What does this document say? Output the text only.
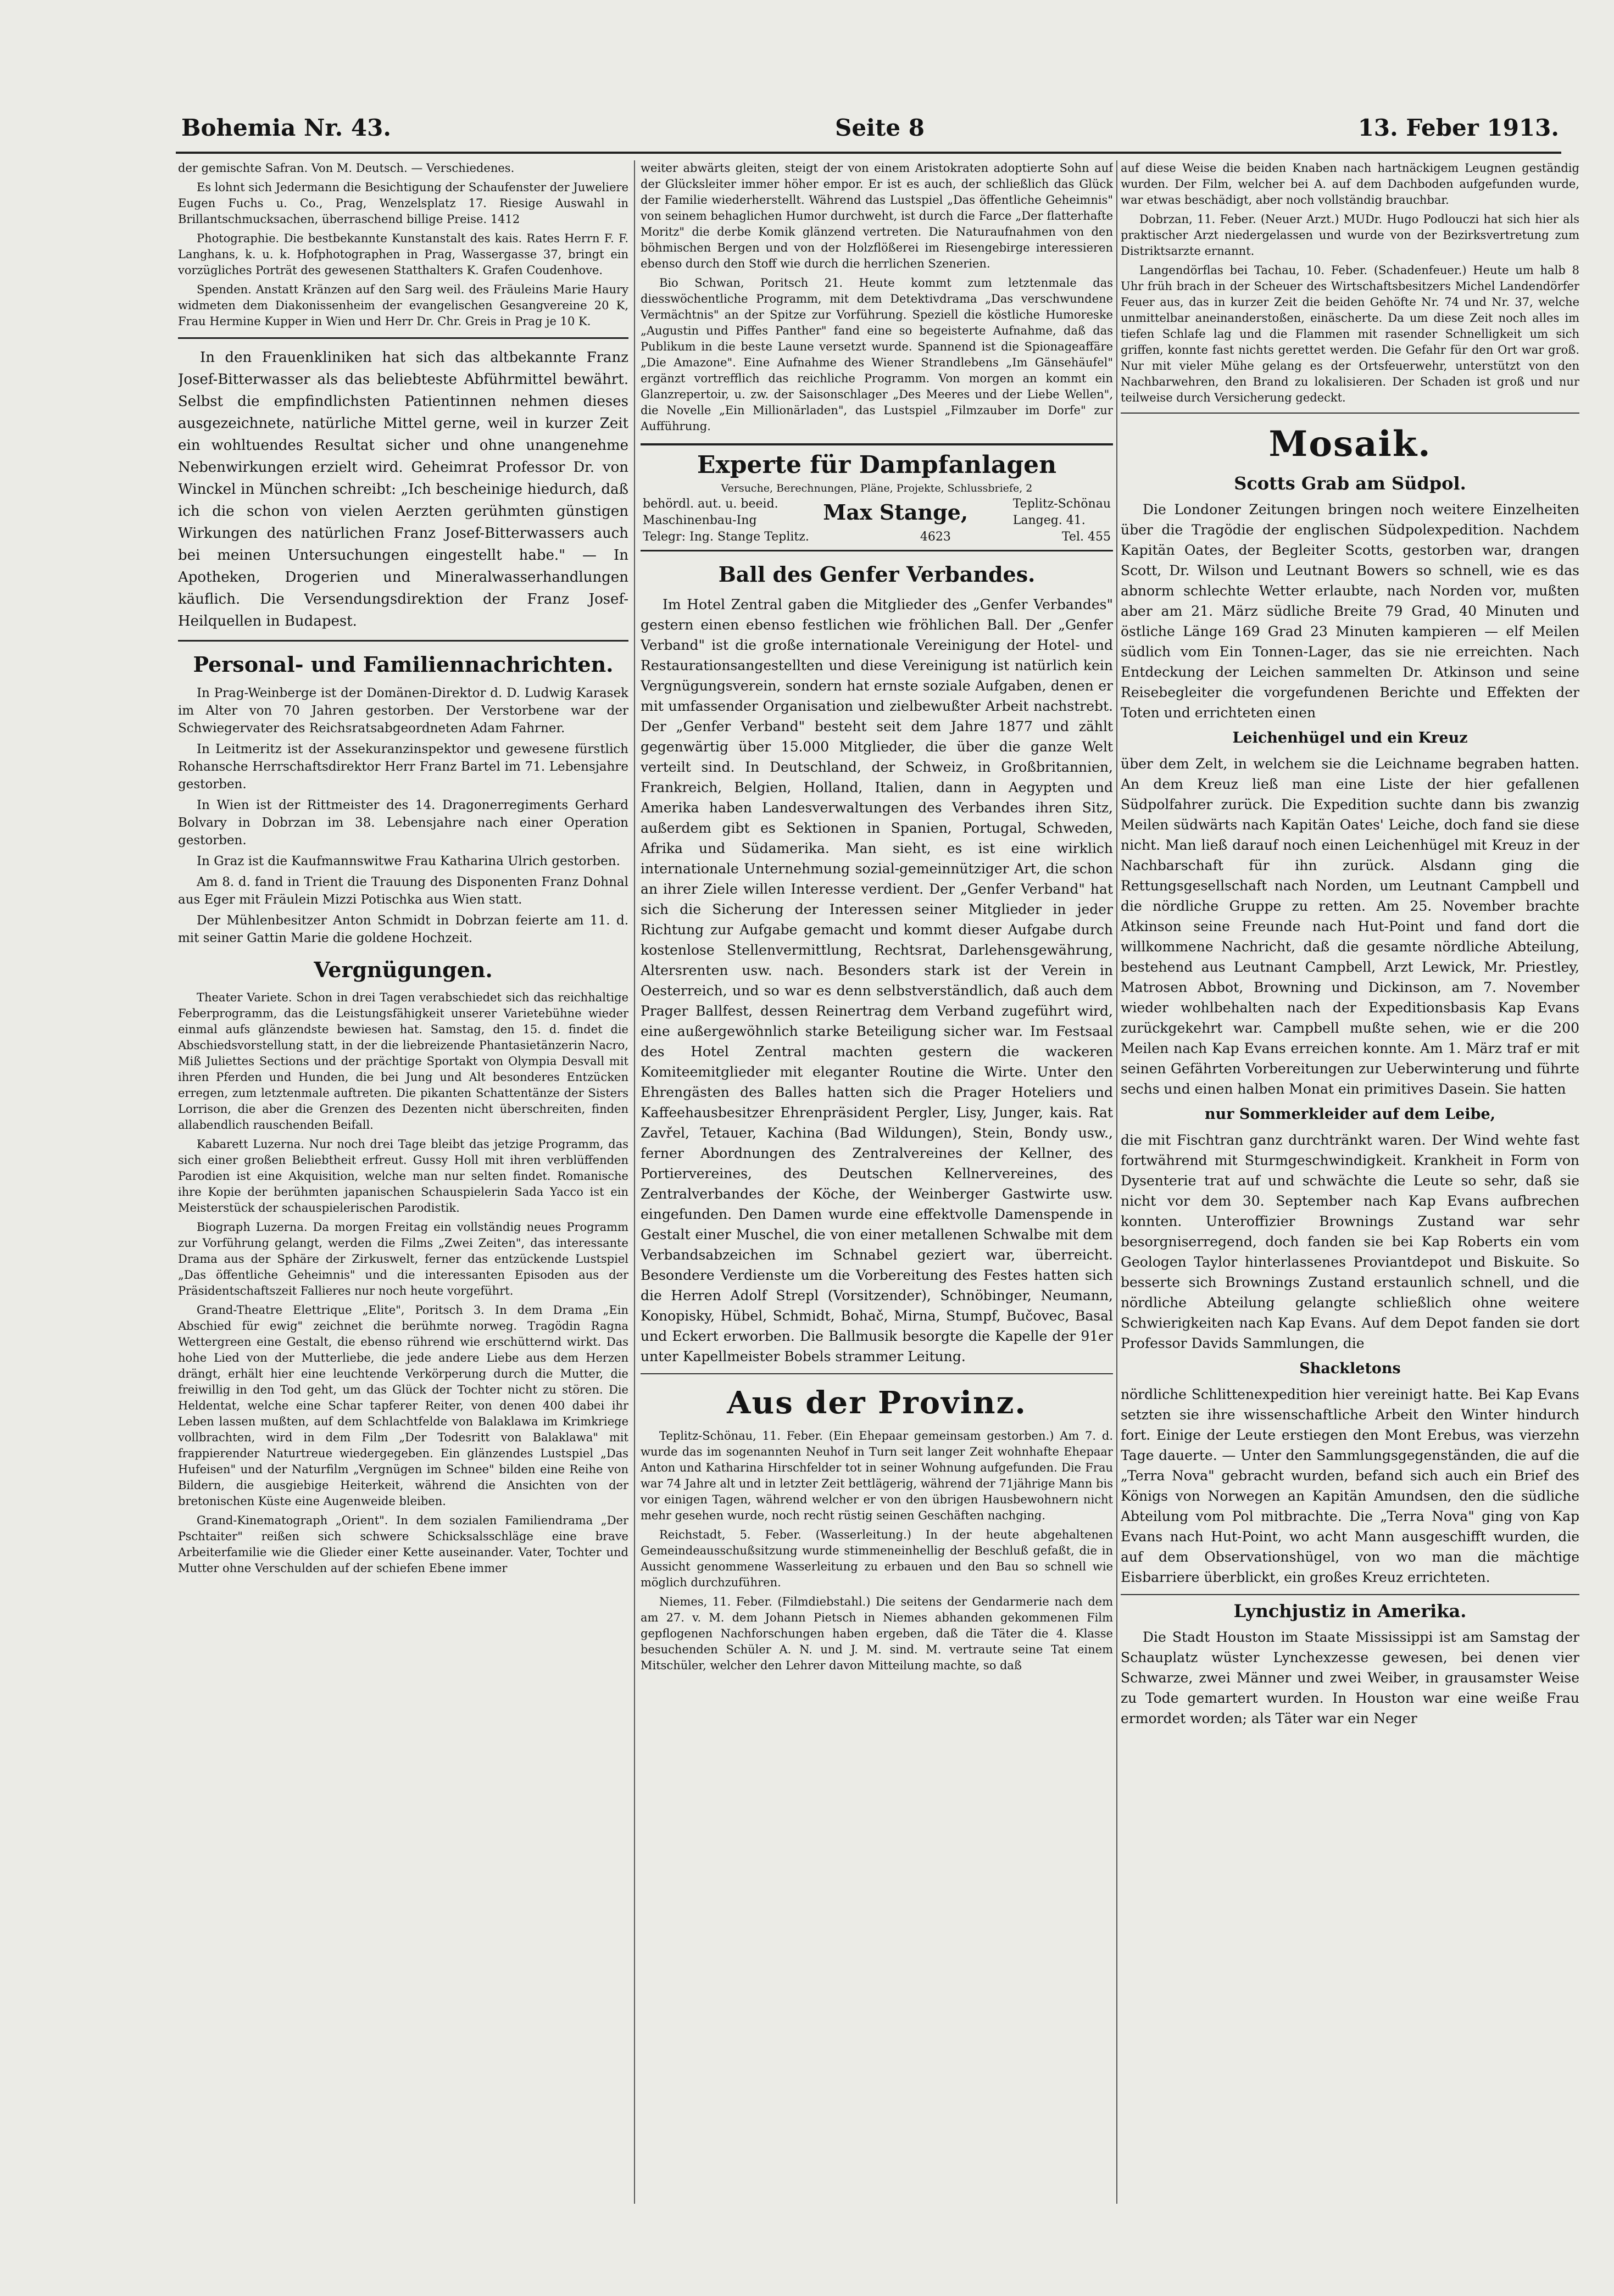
Bohemia Nr. 43.	Seite 8	13. Feber 1913.

der gemischte Safran. Von M. Deutsch. — Verschiedenes.

Es lohnt sich Jedermann die Besichtigung der Schaufenster der Juweliere Eugen Fuchs u. Co., Prag, Wenzelsplatz 17. Riesige Auswahl in Brillantschmucksachen, überraschend billige Preise. 1412

Photographie. Die bestbekannte Kunstanstalt des kais. Rates Herrn F. F. Langhans, k. u. k. Hofphotographen in Prag, Wassergasse 37, bringt ein vorzügliches Porträt des gewesenen Statthalters K. Grafen Coudenhove.

Spenden. Anstatt Kränzen auf den Sarg weil. des Fräuleins Marie Haury widmeten dem Diakonissenheim der evangelischen Gesangvereine 20 K, Frau Hermine Kupper in Wien und Herr Dr. Chr. Greis in Prag je 10 K.

In den Frauenkliniken hat sich das altbekannte Franz Josef-Bitterwasser als das beliebteste Abführmittel bewährt. Selbst die empfindlichsten Patientinnen nehmen dieses ausgezeichnete, natürliche Mittel gerne, weil in kurzer Zeit ein wohltuendes Resultat sicher und ohne unangenehme Nebenwirkungen erzielt wird. Geheimrat Professor Dr. von Winckel in München schreibt: „Ich bescheinige hiedurch, daß ich die schon von vielen Aerzten gerühmten günstigen Wirkungen des natürlichen Franz Josef-Bitterwassers auch bei meinen Untersuchungen eingestellt habe." — In Apotheken, Drogerien und Mineralwasserhandlungen käuflich. Die Versendungsdirektion der Franz Josef-Heilquellen in Budapest.

Personal- und Familiennachrichten.

In Prag-Weinberge ist der Domänen-Direktor d. D. Ludwig Karasek im Alter von 70 Jahren gestorben. Der Verstorbene war der Schwiegervater des Reichsratsabgeordneten Adam Fahrner.

In Leitmeritz ist der Assekuranzinspektor und gewesene fürstlich Rohansche Herrschaftsdirektor Herr Franz Bartel im 71. Lebensjahre gestorben.

In Wien ist der Rittmeister des 14. Dragonerregiments Gerhard Bolvary in Dobrzan im 38. Lebensjahre nach einer Operation gestorben.

In Graz ist die Kaufmannswitwe Frau Katharina Ulrich gestorben.

Am 8. d. fand in Trient die Trauung des Disponenten Franz Dohnal aus Eger mit Fräulein Mizzi Potischka aus Wien statt.

Der Mühlenbesitzer Anton Schmidt in Dobrzan feierte am 11. d. mit seiner Gattin Marie die goldene Hochzeit.

Vergnügungen.

Theater Variete. Schon in drei Tagen verabschiedet sich das reichhaltige Feberprogramm, das die Leistungsfähigkeit unserer Varietebühne wieder einmal aufs glänzendste bewiesen hat. Samstag, den 15. d. findet die Abschiedsvorstellung statt, in der die liebreizende Phantasietänzerin Nacro, Miß Juliettes Sections und der prächtige Sportakt von Olympia Desvall mit ihren Pferden und Hunden, die bei Jung und Alt besonderes Entzücken erregen, zum letztenmale auftreten. Die pikanten Schattentänze der Sisters Lorrison, die aber die Grenzen des Dezenten nicht überschreiten, finden allabendlich rauschenden Beifall.

Kabarett Luzerna. Nur noch drei Tage bleibt das jetzige Programm, das sich einer großen Beliebtheit erfreut. Gussy Holl mit ihren verblüffenden Parodien ist eine Akquisition, welche man nur selten findet. Romanische ihre Kopie der berühmten japanischen Schauspielerin Sada Yacco ist ein Meisterstück der schauspielerischen Parodistik.

Biograph Luzerna. Da morgen Freitag ein vollständig neues Programm zur Vorführung gelangt, werden die Films „Zwei Zeiten", das interessante Drama aus der Sphäre der Zirkuswelt, ferner das entzückende Lustspiel „Das öffentliche Geheimnis" und die interessanten Episoden aus der Präsidentschaftszeit Fallieres nur noch heute vorgeführt.

Grand-Theatre Elettrique „Elite", Poritsch 3. In dem Drama „Ein Abschied für ewig" zeichnet die berühmte norweg. Tragödin Ragna Wettergreen eine Gestalt, die ebenso rührend wie erschütternd wirkt. Das hohe Lied von der Mutterliebe, die jede andere Liebe aus dem Herzen drängt, erhält hier eine leuchtende Verkörperung durch die Mutter, die freiwillig in den Tod geht, um das Glück der Tochter nicht zu stören. Die Heldentat, welche eine Schar tapferer Reiter, von denen 400 dabei ihr Leben lassen mußten, auf dem Schlachtfelde von Balaklawa im Krimkriege vollbrachten, wird in dem Film „Der Todesritt von Balaklawa" mit frappierender Naturtreue wiedergegeben. Ein glänzendes Lustspiel „Das Hufeisen" und der Naturfilm „Vergnügen im Schnee" bilden eine Reihe von Bildern, die ausgiebige Heiterkeit, während die Ansichten von der bretonischen Küste eine Augenweide bleiben.

Grand-Kinematograph „Orient". In dem sozialen Familiendrama „Der Pschtaiter" reißen sich schwere Schicksalsschläge eine brave Arbeiterfamilie wie die Glieder einer Kette auseinander. Vater, Tochter und Mutter ohne Verschulden auf der schiefen Ebene immer

weiter abwärts gleiten, steigt der von einem Aristokraten adoptierte Sohn auf der Glücksleiter immer höher empor. Er ist es auch, der schließlich das Glück der Familie wiederherstellt. Während das Lustspiel „Das öffentliche Geheimnis" von seinem behaglichen Humor durchweht, ist durch die Farce „Der flatterhafte Moritz" die derbe Komik glänzend vertreten. Die Naturaufnahmen von den böhmischen Bergen und von der Holzflößerei im Riesengebirge interessieren ebenso durch den Stoff wie durch die herrlichen Szenerien.

Bio Schwan, Poritsch 21. Heute kommt zum letztenmale das diesswöchentliche Programm, mit dem Detektivdrama „Das verschwundene Vermächtnis" an der Spitze zur Vorführung. Speziell die köstliche Humoreske „Augustin und Piffes Panther" fand eine so begeisterte Aufnahme, daß das Publikum in die beste Laune versetzt wurde. Spannend ist die Spionageaffäre „Die Amazone". Eine Aufnahme des Wiener Strandlebens „Im Gänsehäufel" ergänzt vortrefflich das reichliche Programm. Von morgen an kommt ein Glanzrepertoir, u. zw. der Saisonschlager „Des Meeres und der Liebe Wellen", die Novelle „Ein Millionärladen", das Lustspiel „Filmzauber im Dorfe" zur Aufführung.

Experte für Dampfanlagen
Versuche, Berechnungen, Pläne, Projekte, Schlussbriefe, 2
behördl. aut. u. beeid.
Maschinenbau-Ing	Max Stange,	Teplitz-Schönau
Langeg. 41.
Telegr: Ing. Stange Teplitz.	4623	Tel. 455
Ball des Genfer Verbandes.

Im Hotel Zentral gaben die Mitglieder des „Genfer Verbandes" gestern einen ebenso festlichen wie fröhlichen Ball. Der „Genfer Verband" ist die große internationale Vereinigung der Hotel- und Restaurationsangestellten und diese Vereinigung ist natürlich kein Vergnügungsverein, sondern hat ernste soziale Aufgaben, denen er mit umfassender Organisation und zielbewußter Arbeit nachstrebt. Der „Genfer Verband" besteht seit dem Jahre 1877 und zählt gegenwärtig über 15.000 Mitglieder, die über die ganze Welt verteilt sind. In Deutschland, der Schweiz, in Großbritannien, Frankreich, Belgien, Holland, Italien, dann in Aegypten und Amerika haben Landesverwaltungen des Verbandes ihren Sitz, außerdem gibt es Sektionen in Spanien, Portugal, Schweden, Afrika und Südamerika. Man sieht, es ist eine wirklich internationale Unternehmung sozial-gemeinnütziger Art, die schon an ihrer Ziele willen Interesse verdient. Der „Genfer Verband" hat sich die Sicherung der Interessen seiner Mitglieder in jeder Richtung zur Aufgabe gemacht und kommt dieser Aufgabe durch kostenlose Stellenvermittlung, Rechtsrat, Darlehensgewährung, Altersrenten usw. nach. Besonders stark ist der Verein in Oesterreich, und so war es denn selbstverständlich, daß auch dem Prager Ballfest, dessen Reinertrag dem Verband zugeführt wird, eine außergewöhnlich starke Beteiligung sicher war. Im Festsaal des Hotel Zentral machten gestern die wackeren Komiteemitglieder mit eleganter Routine die Wirte. Unter den Ehrengästen des Balles hatten sich die Prager Hoteliers und Kaffeehausbesitzer Ehrenpräsident Pergler, Lisy, Junger, kais. Rat Zavřel, Tetauer, Kachina (Bad Wildungen), Stein, Bondy usw., ferner Abordnungen des Zentralvereines der Kellner, des Portiervereines, des Deutschen Kellnervereines, des Zentralverbandes der Köche, der Weinberger Gastwirte usw. eingefunden. Den Damen wurde eine effektvolle Damenspende in Gestalt einer Muschel, die von einer metallenen Schwalbe mit dem Verbandsabzeichen im Schnabel geziert war, überreicht. Besondere Verdienste um die Vorbereitung des Festes hatten sich die Herren Adolf Strepl (Vorsitzender), Schnöbinger, Neumann, Konopisky, Hübel, Schmidt, Bohač, Mirna, Stumpf, Bučovec, Basal und Eckert erworben. Die Ballmusik besorgte die Kapelle der 91er unter Kapellmeister Bobels strammer Leitung.

Aus der Provinz.

Teplitz-Schönau, 11. Feber. (Ein Ehepaar gemeinsam gestorben.) Am 7. d. wurde das im sogenannten Neuhof in Turn seit langer Zeit wohnhafte Ehepaar Anton und Katharina Hirschfelder tot in seiner Wohnung aufgefunden. Die Frau war 74 Jahre alt und in letzter Zeit bettlägerig, während der 71jährige Mann bis vor einigen Tagen, während welcher er von den übrigen Hausbewohnern nicht mehr gesehen wurde, noch recht rüstig seinen Geschäften nachging.

Reichstadt, 5. Feber. (Wasserleitung.) In der heute abgehaltenen Gemeindeausschußsitzung wurde stimmeneinhellig der Beschluß gefaßt, die in Aussicht genommene Wasserleitung zu erbauen und den Bau so schnell wie möglich durchzuführen.

Niemes, 11. Feber. (Filmdiebstahl.) Die seitens der Gendarmerie nach dem am 27. v. M. dem Johann Pietsch in Niemes abhanden gekommenen Film gepflogenen Nachforschungen haben ergeben, daß die Täter die 4. Klasse besuchenden Schüler A. N. und J. M. sind. M. vertraute seine Tat einem Mitschüler, welcher den Lehrer davon Mitteilung machte, so daß

auf diese Weise die beiden Knaben nach hartnäckigem Leugnen geständig wurden. Der Film, welcher bei A. auf dem Dachboden aufgefunden wurde, war etwas beschädigt, aber noch vollständig brauchbar.

Dobrzan, 11. Feber. (Neuer Arzt.) MUDr. Hugo Podlouczi hat sich hier als praktischer Arzt niedergelassen und wurde von der Bezirksvertretung zum Distriktsarzte ernannt.

Langendörflas bei Tachau, 10. Feber. (Schadenfeuer.) Heute um halb 8 Uhr früh brach in der Scheuer des Wirtschaftsbesitzers Michel Landendörfer Feuer aus, das in kurzer Zeit die beiden Gehöfte Nr. 74 und Nr. 37, welche unmittelbar aneinanderstoßen, einäscherte. Da um diese Zeit noch alles im tiefen Schlafe lag und die Flammen mit rasender Schnelligkeit um sich griffen, konnte fast nichts gerettet werden. Die Gefahr für den Ort war groß. Nur mit vieler Mühe gelang es der Ortsfeuerwehr, unterstützt von den Nachbarwehren, den Brand zu lokalisieren. Der Schaden ist groß und nur teilweise durch Versicherung gedeckt.

Mosaik.
Scotts Grab am Südpol.

Die Londoner Zeitungen bringen noch weitere Einzelheiten über die Tragödie der englischen Südpolexpedition. Nachdem Kapitän Oates, der Begleiter Scotts, gestorben war, drangen Scott, Dr. Wilson und Leutnant Bowers so schnell, wie es das abnorm schlechte Wetter erlaubte, nach Norden vor, mußten aber am 21. März südliche Breite 79 Grad, 40 Minuten und östliche Länge 169 Grad 23 Minuten kampieren — elf Meilen südlich vom Ein Tonnen-Lager, das sie nie erreichten. Nach Entdeckung der Leichen sammelten Dr. Atkinson und seine Reisebegleiter die vorgefundenen Berichte und Effekten der Toten und errichteten einen

Leichenhügel und ein Kreuz

über dem Zelt, in welchem sie die Leichname begraben hatten. An dem Kreuz ließ man eine Liste der hier gefallenen Südpolfahrer zurück. Die Expedition suchte dann bis zwanzig Meilen südwärts nach Kapitän Oates' Leiche, doch fand sie diese nicht. Man ließ darauf noch einen Leichenhügel mit Kreuz in der Nachbarschaft für ihn zurück. Alsdann ging die Rettungsgesellschaft nach Norden, um Leutnant Campbell und die nördliche Gruppe zu retten. Am 25. November brachte Atkinson seine Freunde nach Hut-Point und fand dort die willkommene Nachricht, daß die gesamte nördliche Abteilung, bestehend aus Leutnant Campbell, Arzt Lewick, Mr. Priestley, Matrosen Abbot, Browning und Dickinson, am 7. November wieder wohlbehalten nach der Expeditionsbasis Kap Evans zurückgekehrt war. Campbell mußte sehen, wie er die 200 Meilen nach Kap Evans erreichen konnte. Am 1. März traf er mit seinen Gefährten Vorbereitungen zur Ueberwinterung und führte sechs und einen halben Monat ein primitives Dasein. Sie hatten

nur Sommerkleider auf dem Leibe,

die mit Fischtran ganz durchtränkt waren. Der Wind wehte fast fortwährend mit Sturmgeschwindigkeit. Krankheit in Form von Dysenterie trat auf und schwächte die Leute so sehr, daß sie nicht vor dem 30. September nach Kap Evans aufbrechen konnten. Unteroffizier Brownings Zustand war sehr besorgniserregend, doch fanden sie bei Kap Roberts ein vom Geologen Taylor hinterlassenes Proviantdepot und Biskuite. So besserte sich Brownings Zustand erstaunlich schnell, und die nördliche Abteilung gelangte schließlich ohne weitere Schwierigkeiten nach Kap Evans. Auf dem Depot fanden sie dort Professor Davids Sammlungen, die

Shackletons

nördliche Schlittenexpedition hier vereinigt hatte. Bei Kap Evans setzten sie ihre wissenschaftliche Arbeit den Winter hindurch fort. Einige der Leute erstiegen den Mont Erebus, was vierzehn Tage dauerte. — Unter den Sammlungsgegenständen, die auf die „Terra Nova" gebracht wurden, befand sich auch ein Brief des Königs von Norwegen an Kapitän Amundsen, den die südliche Abteilung vom Pol mitbrachte. Die „Terra Nova" ging von Kap Evans nach Hut-Point, wo acht Mann ausgeschifft wurden, die auf dem Observationshügel, von wo man die mächtige Eisbarriere überblickt, ein großes Kreuz errichteten.

Lynchjustiz in Amerika.

Die Stadt Houston im Staate Mississippi ist am Samstag der Schauplatz wüster Lynchexzesse gewesen, bei denen vier Schwarze, zwei Männer und zwei Weiber, in grausamster Weise zu Tode gemartert wurden. In Houston war eine weiße Frau ermordet worden; als Täter war ein Neger
